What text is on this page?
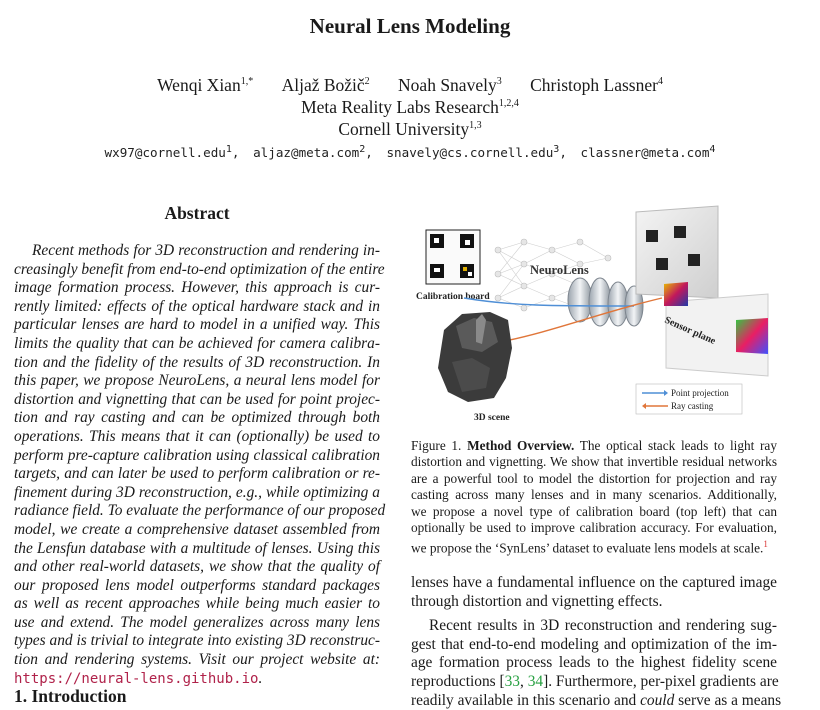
Neural Lens Modeling
Wenqi Xian$^{1,*}$ Aljaž Božič$^2$ Noah Snavely$^3$ Christoph Lassner$^4$
Meta Reality Labs Research$^{1,2,4}$
Cornell University$^{1,3}$
wx97@cornell.edu$^1$, aljaz@meta.com$^2$, snavely@cs.cornell.edu$^3$, classner@meta.com$^4$
Abstract
Recent methods for 3D reconstruction and rendering in-
creasingly benefit from end-to-end optimization of the entire
image formation process. However, this approach is cur-
rently limited: effects of the optical hardware stack and in
particular lenses are hard to model in a unified way. This
limits the quality that can be achieved for camera calibra-
tion and the fidelity of the results of 3D reconstruction. In
this paper, we propose NeuroLens, a neural lens model for
distortion and vignetting that can be used for point projec-
tion and ray casting and can be optimized through both
operations. This means that it can (optionally) be used to
perform pre-capture calibration using classical calibration
targets, and can later be used to perform calibration or re-
finement during 3D reconstruction, e.g., while optimizing a
radiance field. To evaluate the performance of our proposed
model, we create a comprehensive dataset assembled from
the Lensfun database with a multitude of lenses. Using this
and other real-world datasets, we show that the quality of
our proposed lens model outperforms standard packages
as well as recent approaches while being much easier to
use and extend. The model generalizes across many lens
types and is trivial to integrate into existing 3D reconstruc-
tion and rendering systems. Visit our project website at:
https://neural-lens.github.io.
1. Introduction
NeuroLens
Calibration board
Sensor plane
3D scene
Point projection
Ray casting
Figure 1. Method Overview. The optical stack leads to light ray
distortion and vignetting. We show that invertible residual networks
are a powerful tool to model the distortion for projection and ray
casting across many lenses and in many scenarios. Additionally,
we propose a novel type of calibration board (top left) that can
optionally be used to improve calibration accuracy. For evaluation,
we propose the ‘SynLens’ dataset to evaluate lens models at scale.$^1$
lenses have a fundamental influence on the captured image
through distortion and vignetting effects.
Recent results in 3D reconstruction and rendering sug-
gest that end-to-end modeling and optimization of the im-
age formation process leads to the highest fidelity scene
reproductions [33, 34]. Furthermore, per-pixel gradients are
readily available in this scenario and could serve as a means
